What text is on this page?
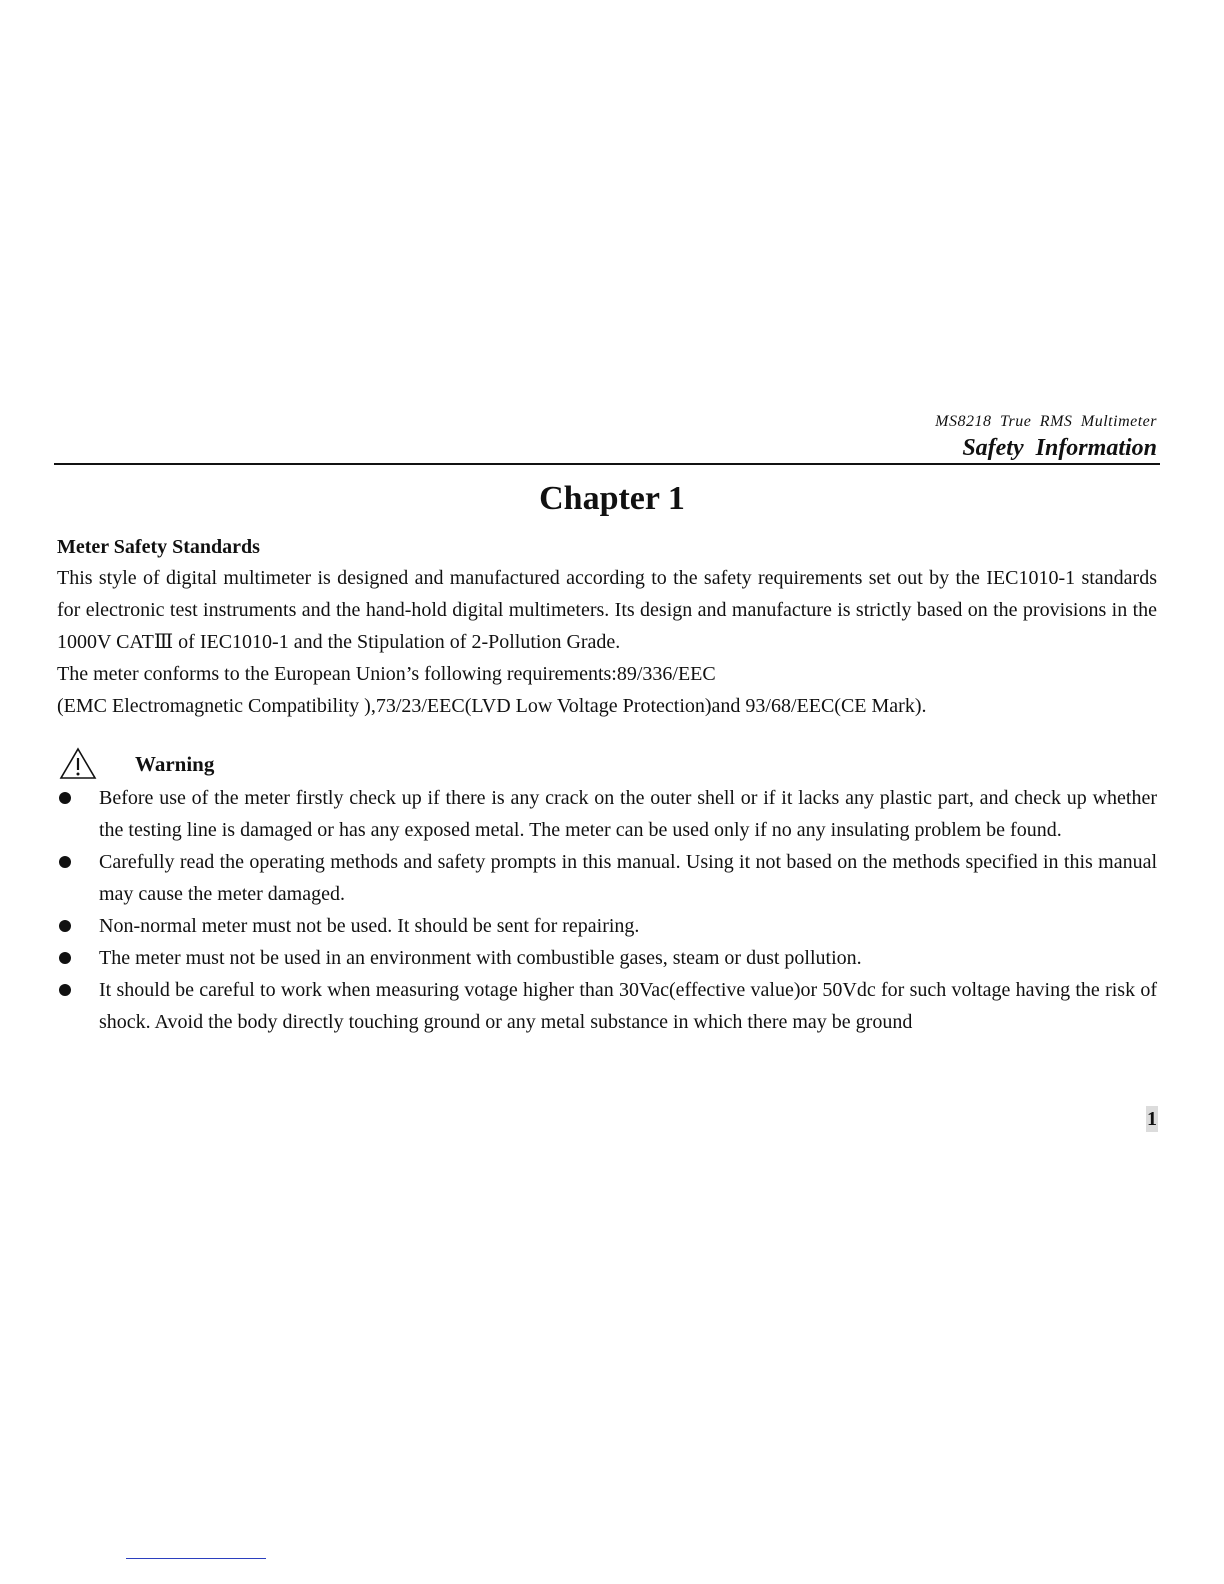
MS8218 True RMS Multimeter
Safety Information
Chapter 1
Meter Safety Standards
This style of digital multimeter is designed and manufactured according to the safety requirements set out by the IEC1010-1 standards for electronic test instruments and the hand-hold digital multimeters. Its design and manufacture is strictly based on the provisions in the 1000V CATⅢ of IEC1010-1 and the Stipulation of 2-Pollution Grade.
The meter conforms to the European Union’s following requirements:89/336/EEC
(EMC Electromagnetic Compatibility ),73/23/EEC(LVD Low Voltage Protection)and 93/68/EEC(CE Mark).
Warning
Before use of the meter firstly check up if there is any crack on the outer shell or if it lacks any plastic part, and check up whether the testing line is damaged or has any exposed metal. The meter can be used only if no any insulating problem be found.
Carefully read the operating methods and safety prompts in this manual. Using it not based on the methods specified in this manual may cause the meter damaged.
Non-normal meter must not be used. It should be sent for repairing.
The meter must not be used in an environment with combustible gases, steam or dust pollution.
It should be careful to work when measuring votage higher than 30Vac(effective value)or 50Vdc for such voltage having the risk of shock. Avoid the body directly touching ground or any metal substance in which there may be ground
1
